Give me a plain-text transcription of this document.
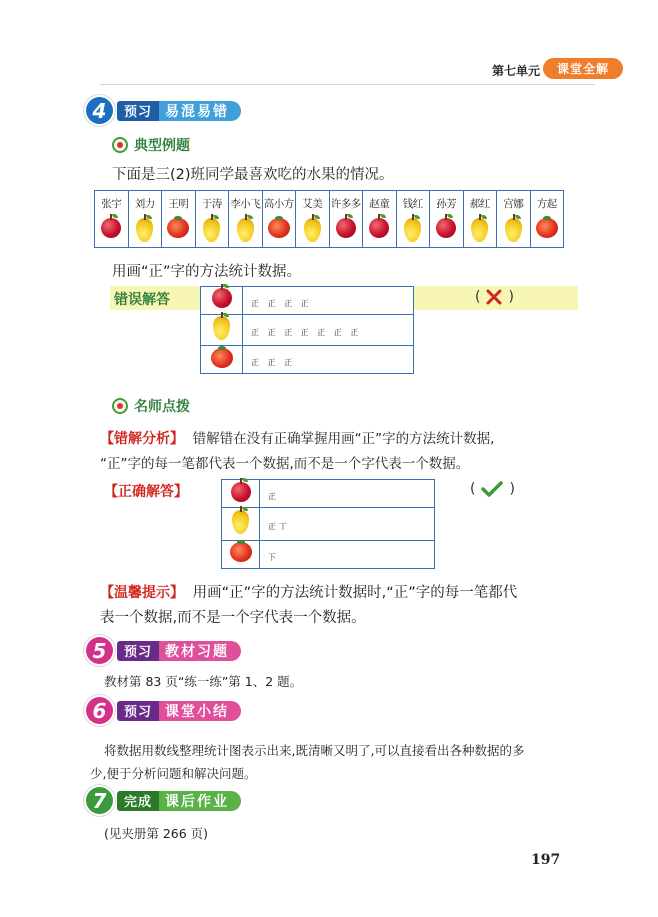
第七单元	课堂全解
4	预习 易混易错
典型例题
下面是三(2)班同学最喜欢吃的水果的情况。
张宇	刘力	王明	于涛	李小飞	高小方	艾美	许多多	赵童	钱红	孙芳	郝红	宫娜	方起
用画“正”字的方法统计数据。
错误解答	( )
	正 正 正 正
	正 正 正 正 正 正 正
	正 正 正
名师点拨
【错解分析】 错解错在没有正确掌握用画“正”字的方法统计数据,
“正”字的每一笔都代表一个数据,而不是一个字代表一个数据。
【正确解答】	( )
	正
	正丅
	下
【温馨提示】 用画“正”字的方法统计数据时,“正”字的每一笔都代
表一个数据,而不是一个字代表一个数据。
5	预习 教材习题
教材第 83 页“练一练”第 1、2 题。
6	预习 课堂小结
将数据用数线整理统计图表示出来,既清晰又明了,可以直接看出各种数据的多
少,便于分析问题和解决问题。
7	完成 课后作业
(见夹册第 266 页)
197
